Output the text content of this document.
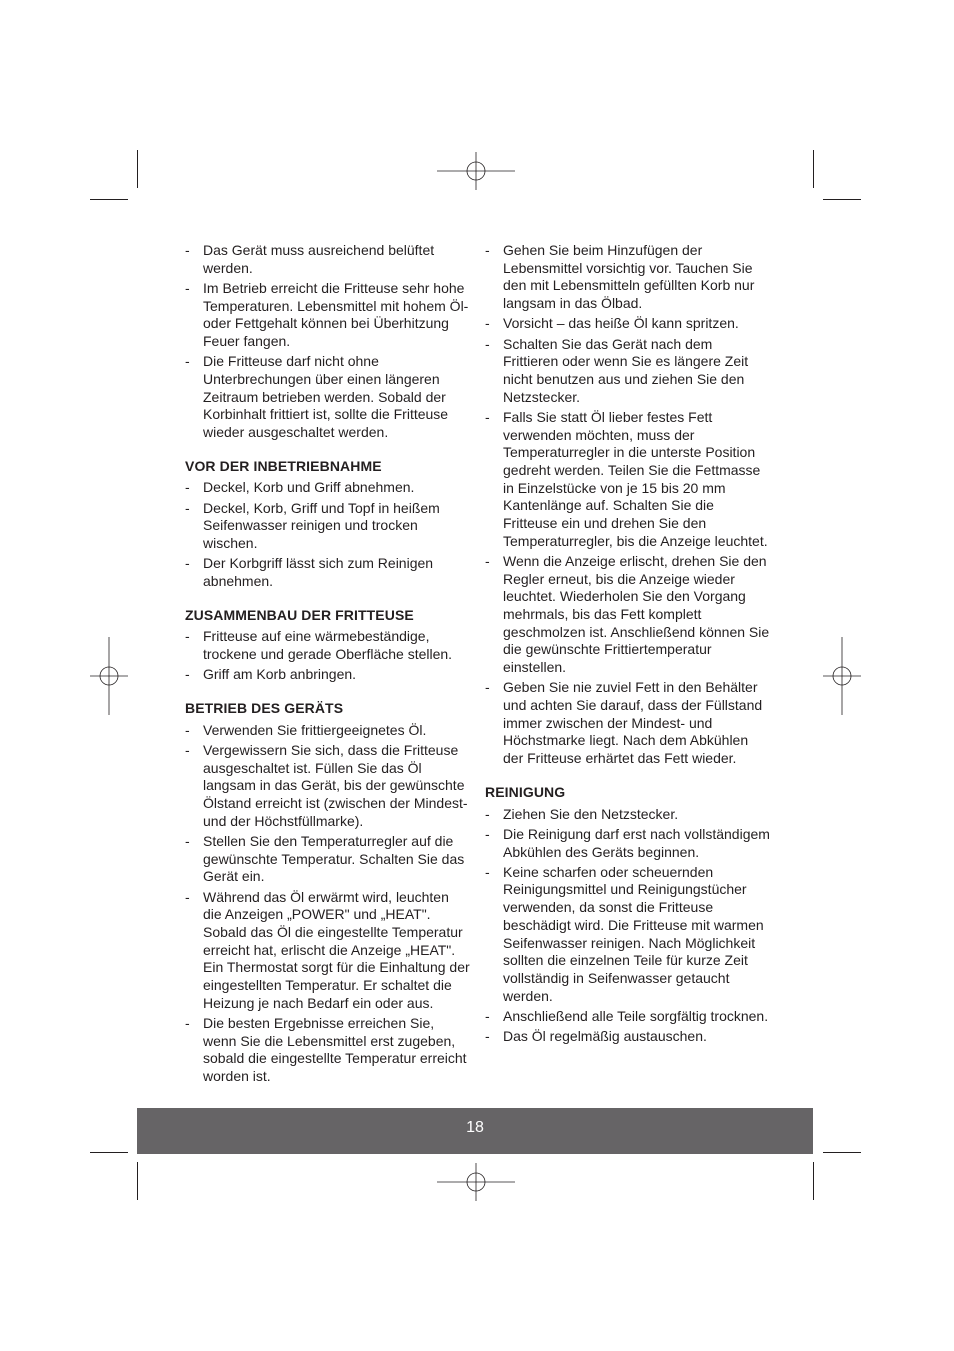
- Das Gerät muss ausreichend belüftet werden.
- Im Betrieb erreicht die Fritteuse sehr hohe Temperaturen. Lebensmittel mit hohem Öl- oder Fettgehalt können bei Überhitzung Feuer fangen.
- Die Fritteuse darf nicht ohne Unterbrechungen über einen längeren Zeitraum betrieben werden. Sobald der Korbinhalt frittiert ist, sollte die Fritteuse wieder ausgeschaltet werden.
VOR DER INBETRIEBNAHME
- Deckel, Korb und Griff abnehmen.
- Deckel, Korb, Griff und Topf in heißem Seifenwasser reinigen und trocken wischen.
- Der Korbgriff lässt sich zum Reinigen abnehmen.
ZUSAMMENBAU DER FRITTEUSE
- Fritteuse auf eine wärmebeständige, trockene und gerade Oberfläche stellen.
- Griff am Korb anbringen.
BETRIEB DES GERÄTS
- Verwenden Sie frittiergeeignetes Öl.
- Vergewissern Sie sich, dass die Fritteuse ausgeschaltet ist. Füllen Sie das Öl langsam in das Gerät, bis der gewünschte Ölstand erreicht ist (zwischen der Mindest- und der Höchstfüllmarke).
- Stellen Sie den Temperaturregler auf die gewünschte Temperatur. Schalten Sie das Gerät ein.
- Während das Öl erwärmt wird, leuchten die Anzeigen „POWER" und „HEAT". Sobald das Öl die eingestellte Temperatur erreicht hat, erlischt die Anzeige „HEAT". Ein Thermostat sorgt für die Einhaltung der eingestellten Temperatur. Er schaltet die Heizung je nach Bedarf ein oder aus.
- Die besten Ergebnisse erreichen Sie, wenn Sie die Lebensmittel erst zugeben, sobald die eingestellte Temperatur erreicht worden ist.
- Gehen Sie beim Hinzufügen der Lebensmittel vorsichtig vor. Tauchen Sie den mit Lebensmitteln gefüllten Korb nur langsam in das Ölbad.
- Vorsicht – das heiße Öl kann spritzen.
- Schalten Sie das Gerät nach dem Frittieren oder wenn Sie es längere Zeit nicht benutzen aus und ziehen Sie den Netzstecker.
- Falls Sie statt Öl lieber festes Fett verwenden möchten, muss der Temperaturregler in die unterste Position gedreht werden. Teilen Sie die Fettmasse in Einzelstücke von je 15 bis 20 mm Kantenlänge auf. Schalten Sie die Fritteuse ein und drehen Sie den Temperaturregler, bis die Anzeige leuchtet.
- Wenn die Anzeige erlischt, drehen Sie den Regler erneut, bis die Anzeige wieder leuchtet. Wiederholen Sie den Vorgang mehrmals, bis das Fett komplett geschmolzen ist. Anschließend können Sie die gewünschte Frittiertemperatur einstellen.
- Geben Sie nie zuviel Fett in den Behälter und achten Sie darauf, dass der Füllstand immer zwischen der Mindest- und Höchstmarke liegt. Nach dem Abkühlen der Fritteuse erhärtet das Fett wieder.
REINIGUNG
- Ziehen Sie den Netzstecker.
- Die Reinigung darf erst nach vollständigem Abkühlen des Geräts beginnen.
- Keine scharfen oder scheuernden Reinigungsmittel und Reinigungstücher verwenden, da sonst die Fritteuse beschädigt wird. Die Fritteuse mit warmen Seifenwasser reinigen. Nach Möglichkeit sollten die einzelnen Teile für kurze Zeit vollständig in Seifenwasser getaucht werden.
- Anschließend alle Teile sorgfältig trocknen.
- Das Öl regelmäßig austauschen.
18
